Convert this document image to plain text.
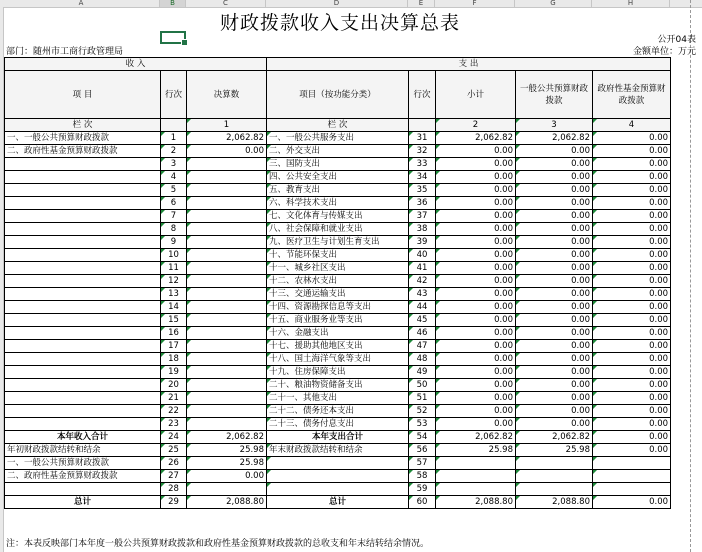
A	B	C	D	E	F	G	H
财政拨款收入支出决算总表
公开04表
部门：随州市工商行政管理局	金额单位：万元
收 入			支 出				
项 目	行次	决算数	项目（按功能分类）	行次	小计	一般公共预算财政拨款	政府性基金预算财政拨款
栏 次		1	栏 次		2	3	4
一、一般公共预算财政拨款	1	2,062.82	一、一般公共服务支出	31	2,062.82	2,062.82	0.00
二、政府性基金预算财政拨款	2	0.00	二、外交支出	32	0.00	0.00	0.00
	3		三、国防支出	33	0.00	0.00	0.00
	4		四、公共安全支出	34	0.00	0.00	0.00
	5		五、教育支出	35	0.00	0.00	0.00
	6		六、科学技术支出	36	0.00	0.00	0.00
	7		七、文化体育与传媒支出	37	0.00	0.00	0.00
	8		八、社会保障和就业支出	38	0.00	0.00	0.00
	9		九、医疗卫生与计划生育支出	39	0.00	0.00	0.00
	10		十、节能环保支出	40	0.00	0.00	0.00
	11		十一、城乡社区支出	41	0.00	0.00	0.00
	12		十二、农林水支出	42	0.00	0.00	0.00
	13		十三、交通运输支出	43	0.00	0.00	0.00
	14		十四、资源勘探信息等支出	44	0.00	0.00	0.00
	15		十五、商业服务业等支出	45	0.00	0.00	0.00
	16		十六、金融支出	46	0.00	0.00	0.00
	17		十七、援助其他地区支出	47	0.00	0.00	0.00
	18		十八、国土海洋气象等支出	48	0.00	0.00	0.00
	19		十九、住房保障支出	49	0.00	0.00	0.00
	20		二十、粮油物资储备支出	50	0.00	0.00	0.00
	21		二十一、其他支出	51	0.00	0.00	0.00
	22		二十二、债务还本支出	52	0.00	0.00	0.00
	23		二十三、债务付息支出	53	0.00	0.00	0.00
本年收入合计	24	2,062.82	本年支出合计	54	2,062.82	2,062.82	0.00
年初财政拨款结转和结余	25	25.98	年末财政拨款结转和结余	56	25.98	25.98	0.00
一、一般公共预算财政拨款	26	25.98		57			
二、政府性基金预算财政拨款	27	0.00		58			
	28			59			
总计	29	2,088.80	总计	60	2,088.80	2,088.80	0.00
注：本表反映部门本年度一般公共预算财政拨款和政府性基金预算财政拨款的总收支和年末结转结余情况。
